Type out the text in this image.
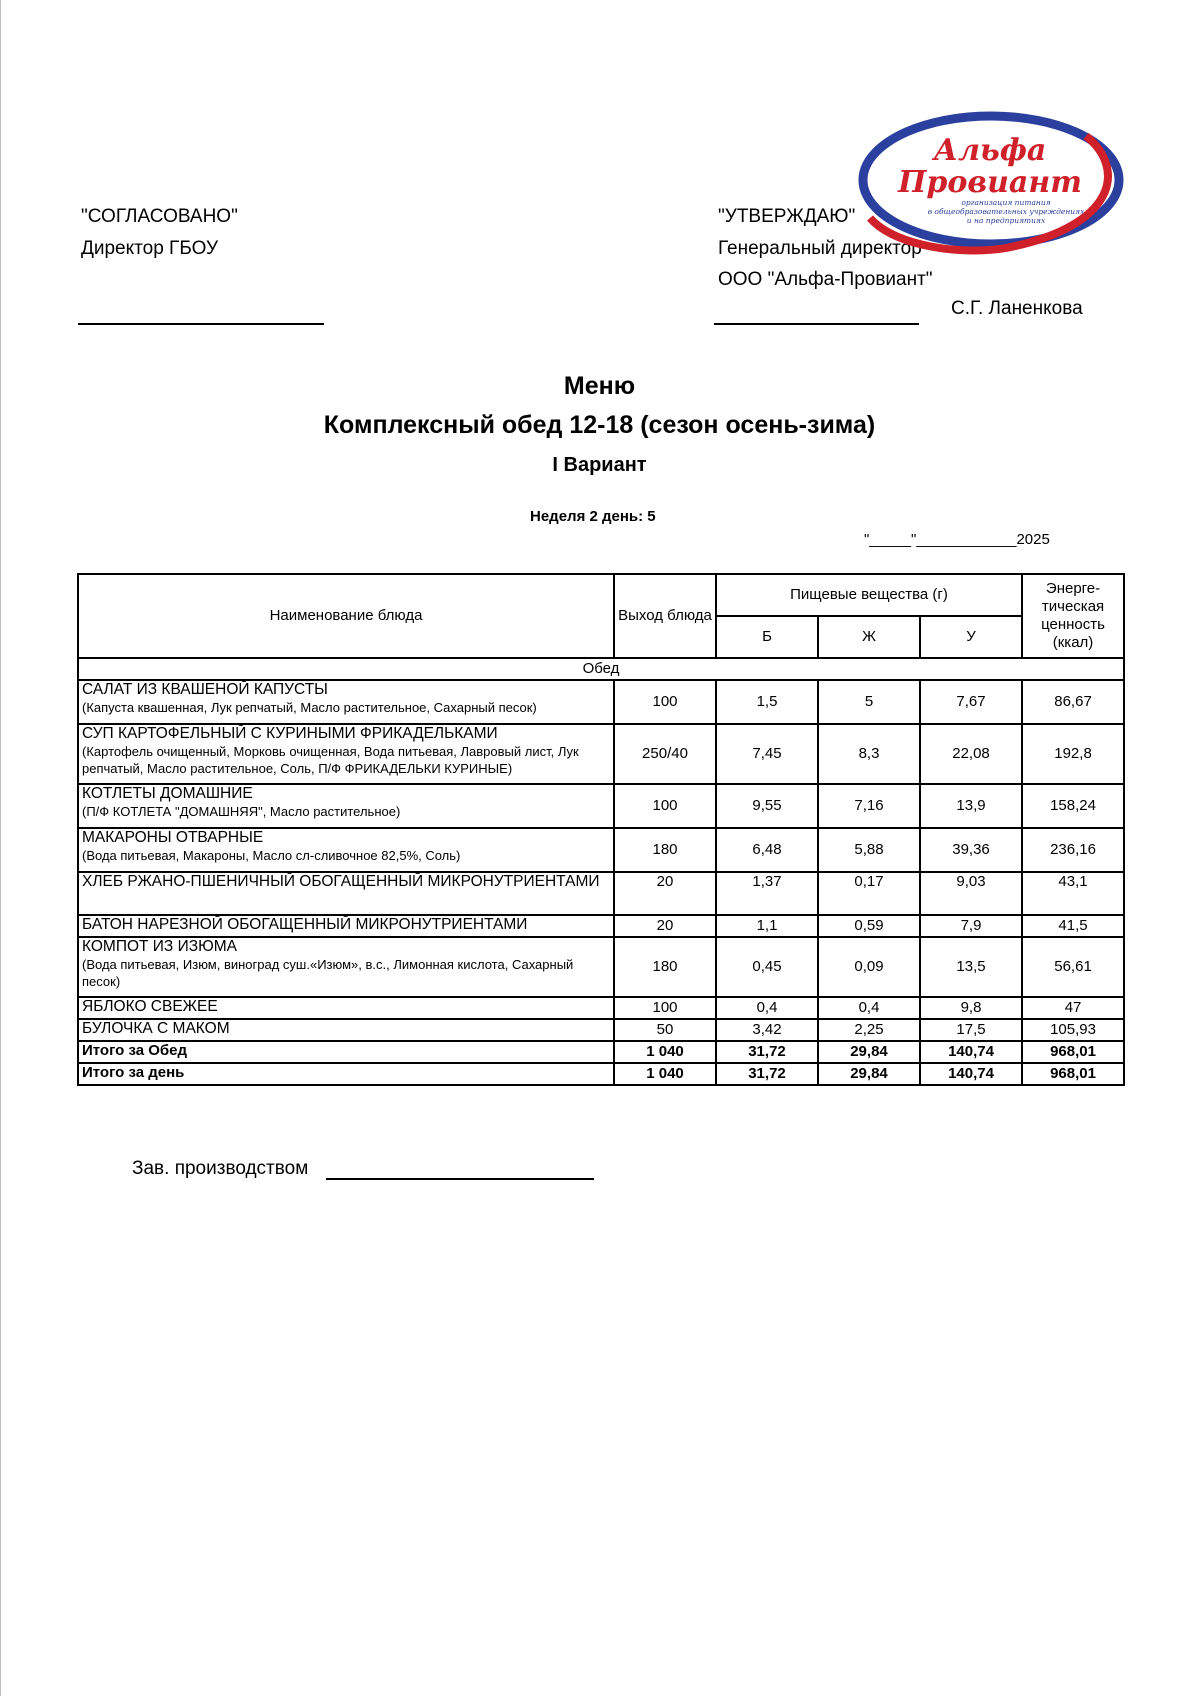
"СОГЛАСОВАНО"
Директор ГБОУ
"УТВЕРЖДАЮ"
Генеральный директор
ООО "Альфа-Провиант"
С.Г. Ланенкова
Альфа
Провиант
организация питания
в общеобразовательных учреждениях
и на предприятиях
Меню
Комплексный обед 12-18 (сезон осень-зима)
I Вариант
Неделя 2 день: 5
"_____"____________2025
Наименование блюда	Выход блюда	Пищевые вещества (г)			Энерге-тическая ценность (ккал)
		Б	Ж	У	
Обед					

САЛАТ ИЗ КВАШЕНОЙ КАПУСТЫ
(Капуста квашенная, Лук репчатый, Масло растительное, Сахарный песок)	100	1,5	5	7,67	86,67

СУП КАРТОФЕЛЬНЫЙ С КУРИНЫМИ ФРИКАДЕЛЬКАМИ
(Картофель очищенный, Морковь очищенная, Вода питьевая, Лавровый лист, Лук репчатый, Масло растительное, Соль, П/Ф ФРИКАДЕЛЬКИ КУРИНЫЕ)	250/40	7,45	8,3	22,08	192,8

КОТЛЕТЫ ДОМАШНИЕ
(П/Ф КОТЛЕТА "ДОМАШНЯЯ", Масло растительное)	100	9,55	7,16	13,9	158,24

МАКАРОНЫ ОТВАРНЫЕ
(Вода питьевая, Макароны, Масло сл-сливочное 82,5%, Соль)	180	6,48	5,88	39,36	236,16

ХЛЕБ РЖАНО-ПШЕНИЧНЫЙ ОБОГАЩЕННЫЙ МИКРОНУТРИЕНТАМИ	20	1,37	0,17	9,03	43,1

БАТОН НАРЕЗНОЙ ОБОГАЩЕННЫЙ МИКРОНУТРИЕНТАМИ	20	1,1	0,59	7,9	41,5

КОМПОТ ИЗ ИЗЮМА
(Вода питьевая, Изюм, виноград суш.«Изюм», в.с., Лимонная кислота, Сахарный песок)	180	0,45	0,09	13,5	56,61

ЯБЛОКО СВЕЖЕЕ	100	0,4	0,4	9,8	47

БУЛОЧКА С МАКОМ	50	3,42	2,25	17,5	105,93
Итого за Обед	1 040	31,72	29,84	140,74	968,01
Итого за день	1 040	31,72	29,84	140,74	968,01
Зав. производством
